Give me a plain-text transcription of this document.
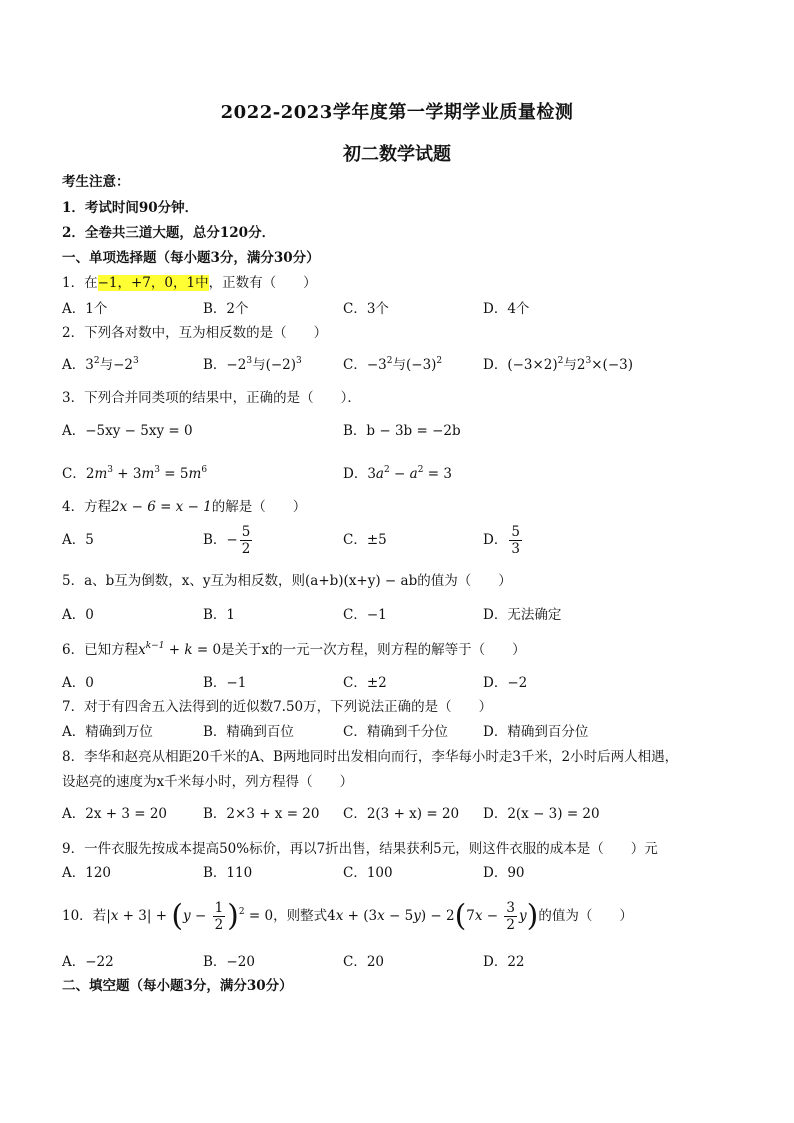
2022-2023学年度第一学期学业质量检测
初二数学试题
考生注意：
1．考试时间90分钟．
2．全卷共三道大题，总分120分．
一、单项选择题（每小题3分，满分30分）
1．在−1，+7，0，1中，正数有（　　）
A．1个	B．2个	C．3个	D．4个
2．下列各对数中，互为相反数的是（　　）
A．$3^2$与$-2^3$	B．$-2^3$与$(-2)^3$	C．$-3^2$与$(-3)^2$	D．$(-3\times 2)^2$与$2^3\times(-3)$
3．下列合并同类项的结果中，正确的是（　　）．
A．−5xy − 5xy = 0	B．b − 3b = −2b
C．$2m^3 + 3m^3 = 5m^6$	D．$3a^2 - a^2 = 3$
4．方程2x − 6 = x − 1的解是（　　）
A．5	B．− $\frac{5}{2}$	C．±5	D． $\frac{5}{3}$
5．a、b互为倒数，x、y互为相反数，则(a+b)(x+y) − ab的值为（　　）
A．0	B．1	C．−1	D．无法确定
6．已知方程$x^{k-1} + k = 0$是关于x的一元一次方程，则方程的解等于（　　）
A．0	B．−1	C．±2	D．−2
7．对于有四舍五入法得到的近似数7.50万，下列说法正确的是（　　）
A．精确到万位	B．精确到百位	C．精确到千分位	D．精确到百分位
8．李华和赵亮从相距20千米的A、B两地同时出发相向而行，李华每小时走3千米，2小时后两人相遇，
设赵亮的速度为x千米每小时，列方程得（　　）
A．2x + 3 = 20	B．2×3 + x = 20 C．2(3 + x) = 20 D．2(x − 3) = 20
9．一件衣服先按成本提高50%标价，再以7折出售，结果获利5元，则这件衣服的成本是（　　）元
A．120	B．110	C．100	D．90
10．若$|x + 3| + (y - \frac{1}{2} )^2 = 0$，则整式$4x + (3x - 5y) - 2(7x - \frac{3}{2} y)$的值为（　　）
A．−22	B．−20	C．20	D．22
二、填空题（每小题3分，满分30分）
